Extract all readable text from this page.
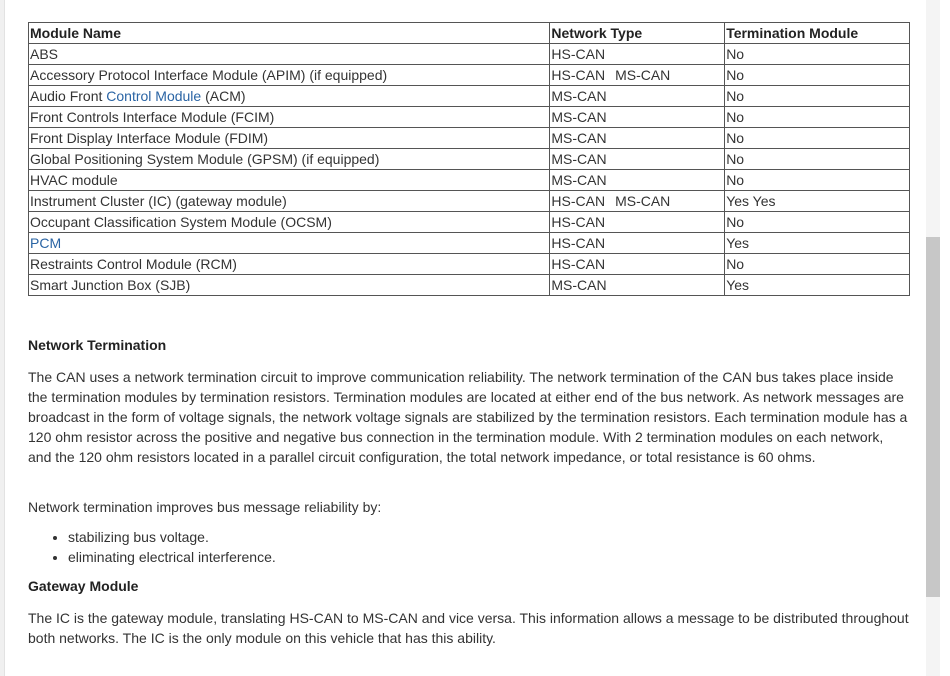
Module Name	Network Type	Termination Module
ABS	HS-CAN	No
Accessory Protocol Interface Module (APIM) (if equipped)	HS-CAN MS-CAN	No
Audio Front Control Module (ACM)	MS-CAN	No
Front Controls Interface Module (FCIM)	MS-CAN	No
Front Display Interface Module (FDIM)	MS-CAN	No
Global Positioning System Module (GPSM) (if equipped)	MS-CAN	No
HVAC module	MS-CAN	No
Instrument Cluster (IC) (gateway module)	HS-CAN MS-CAN	Yes Yes
Occupant Classification System Module (OCSM)	HS-CAN	No
PCM	HS-CAN	Yes
Restraints Control Module (RCM)	HS-CAN	No
Smart Junction Box (SJB)	MS-CAN	Yes
Network Termination

The CAN uses a network termination circuit to improve communication reliability. The network termination of the CAN bus takes place inside the termination modules by termination resistors. Termination modules are located at either end of the bus network. As network messages are broadcast in the form of voltage signals, the network voltage signals are stabilized by the termination resistors. Each termination module has a 120 ohm resistor across the positive and negative bus connection in the termination module. With 2 termination modules on each network, and the 120 ohm resistors located in a parallel circuit configuration, the total network impedance, or total resistance is 60 ohms.

Network termination improves bus message reliability by:

• stabilizing bus voltage.
• eliminating electrical interference.
Gateway Module

The IC is the gateway module, translating HS-CAN to MS-CAN and vice versa. This information allows a message to be distributed throughout both networks. The IC is the only module on this vehicle that has this ability.
